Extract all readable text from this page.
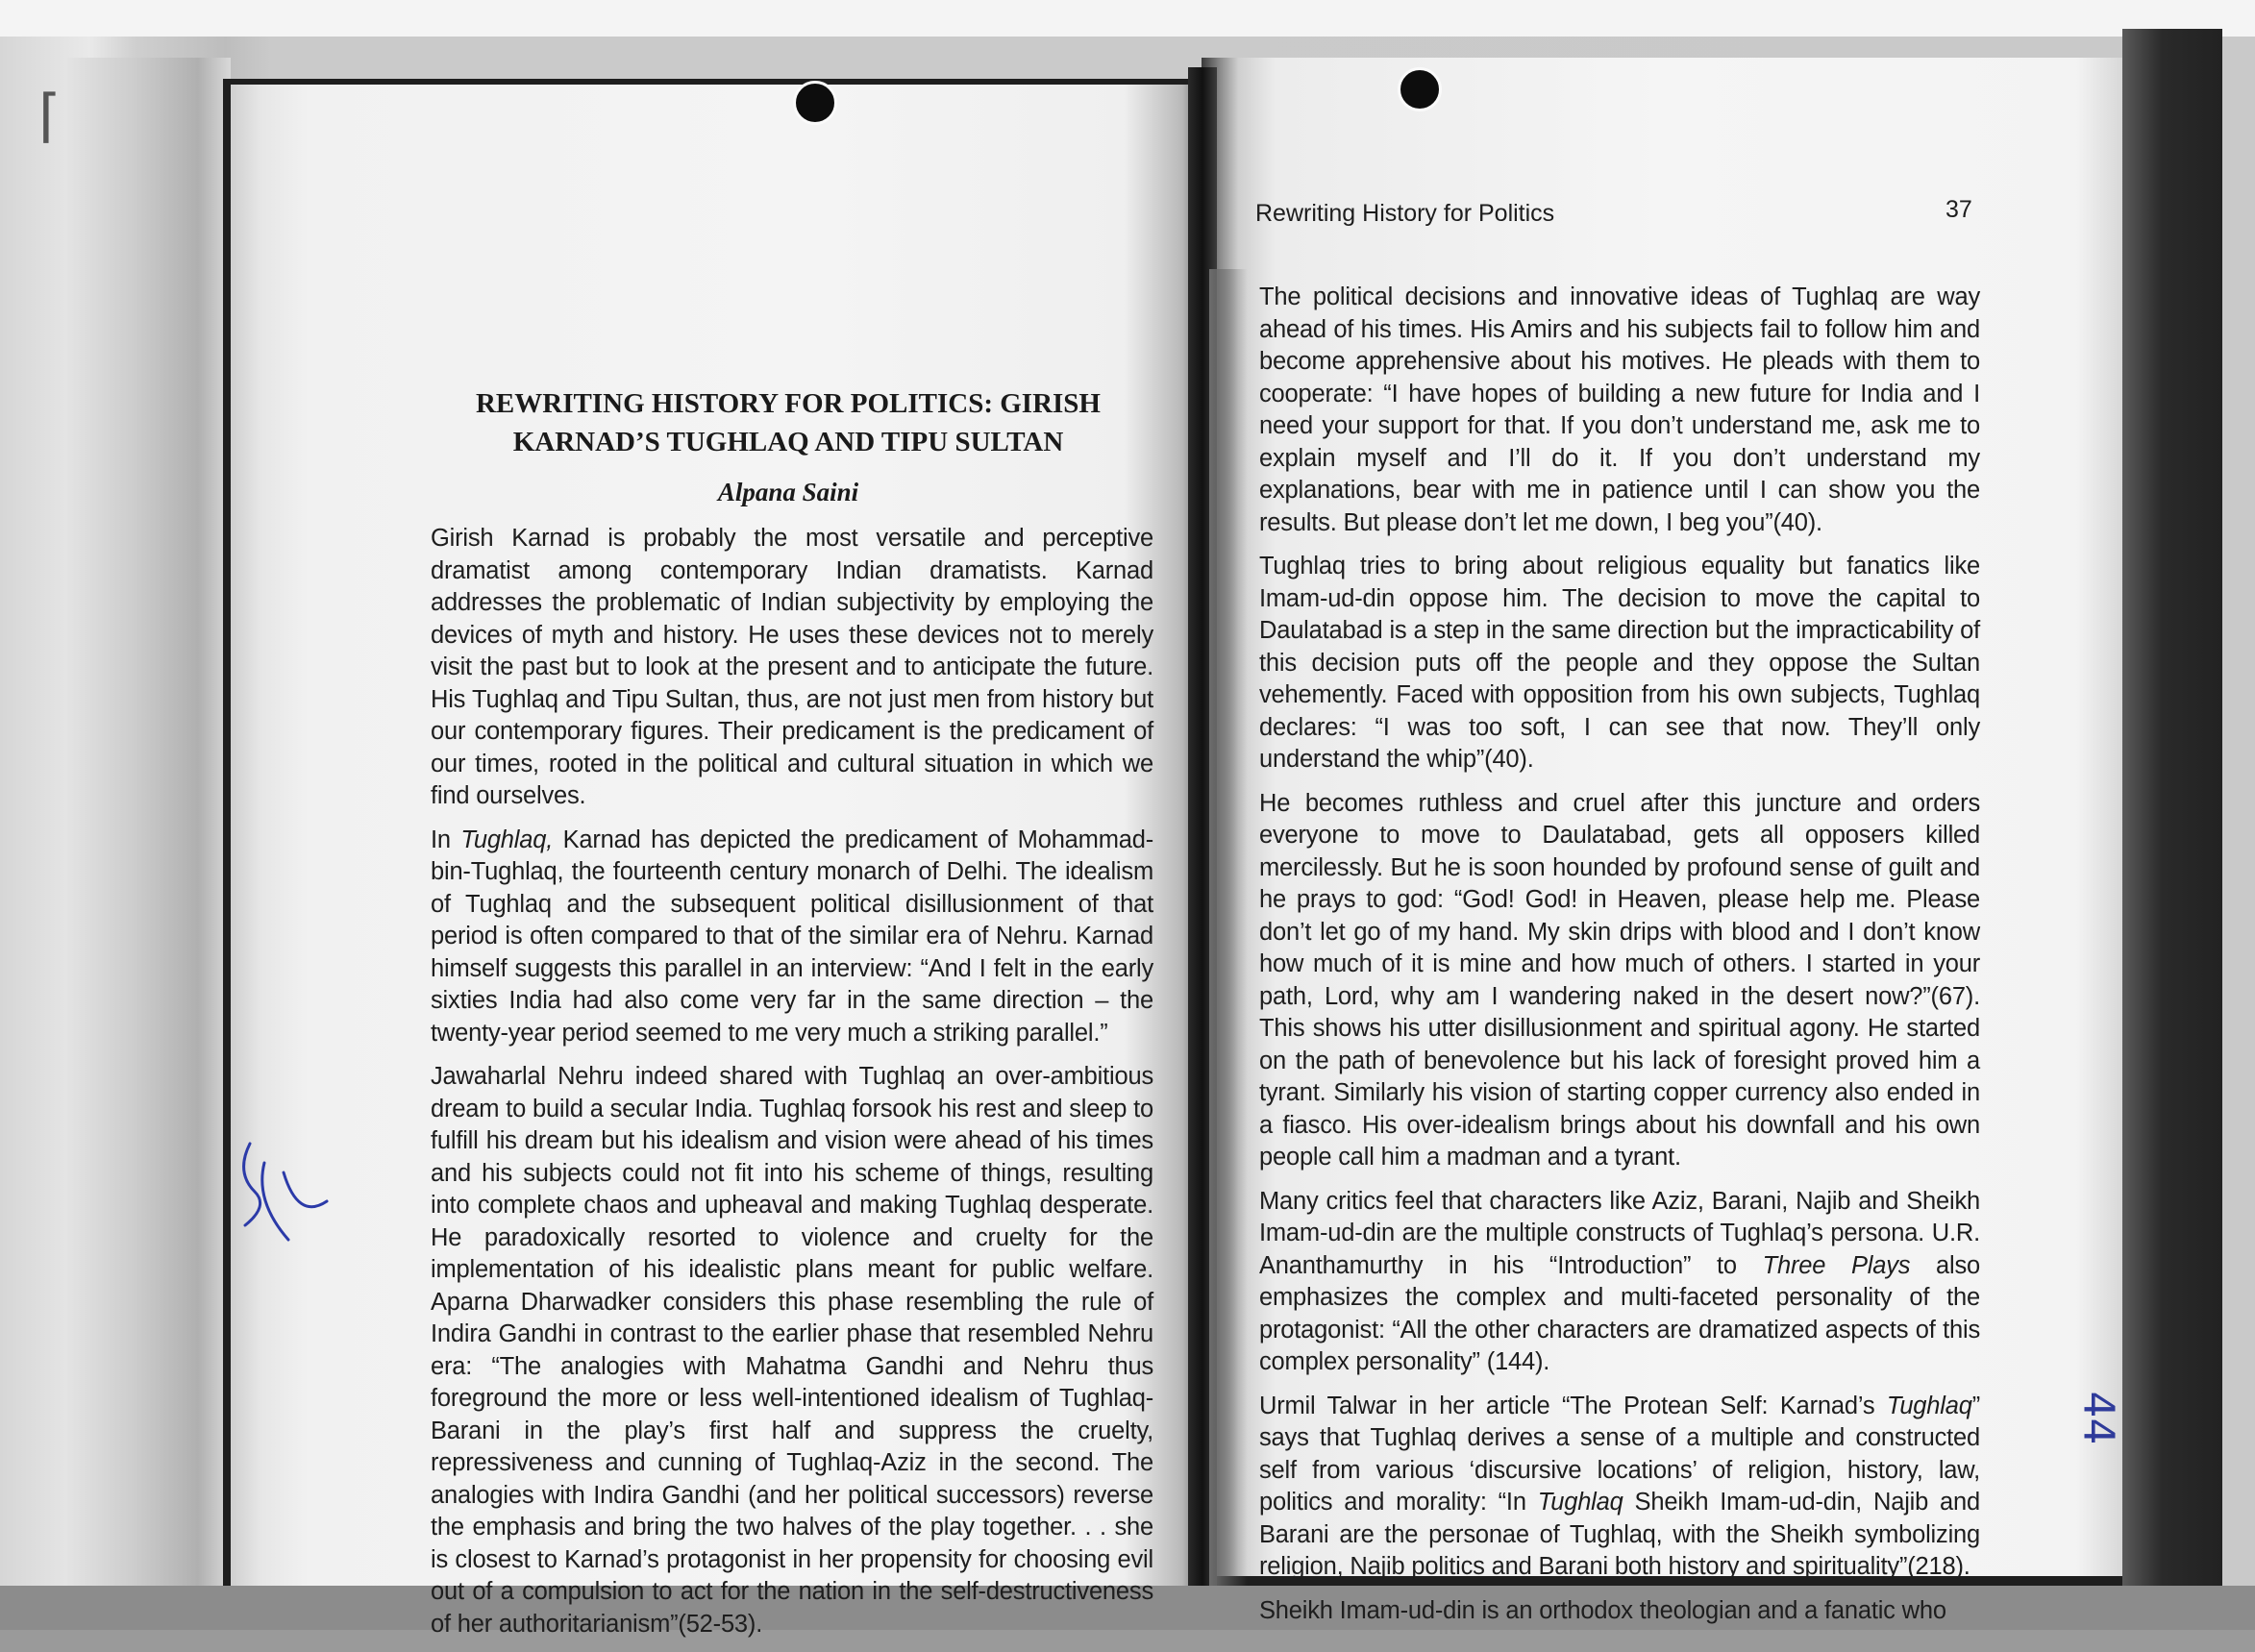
⌈
44
REWRITING HISTORY FOR POLITICS: GIRISH
KARNAD’S TUGHLAQ AND TIPU SULTAN
Alpana Saini

Girish Karnad is probably the most versatile and perceptive dramatist among contemporary Indian dramatists. Karnad addresses the problematic of Indian subjectivity by employing the devices of myth and history. He uses these devices not to merely visit the past but to look at the present and to anticipate the future. His Tughlaq and Tipu Sultan, thus, are not just men from history but our contemporary figures. Their predicament is the predicament of our times, rooted in the political and cultural situation in which we find ourselves.

In Tughlaq, Karnad has depicted the predicament of Mohammad-bin-Tughlaq, the fourteenth century monarch of Delhi. The idealism of Tughlaq and the subsequent political disillusionment of that period is often compared to that of the similar era of Nehru. Karnad himself suggests this parallel in an interview: “And I felt in the early sixties India had also come very far in the same direction – the twenty-year period seemed to me very much a striking parallel.”

Jawaharlal Nehru indeed shared with Tughlaq an over-ambitious dream to build a secular India. Tughlaq forsook his rest and sleep to fulfill his dream but his idealism and vision were ahead of his times and his subjects could not fit into his scheme of things, resulting into complete chaos and upheaval and making Tughlaq desperate. He paradoxically resorted to violence and cruelty for the implementation of his idealistic plans meant for public welfare. Aparna Dharwadker considers this phase resembling the rule of Indira Gandhi in contrast to the earlier phase that resembled Nehru era: “The analogies with Mahatma Gandhi and Nehru thus foreground the more or less well-intentioned idealism of Tughlaq-Barani in the play’s first half and suppress the cruelty, repressiveness and cunning of Tughlaq-Aziz in the second. The analogies with Indira Gandhi (and her political successors) reverse the emphasis and bring the two halves of the play together. . . she is closest to Karnad’s protagonist in her propensity for choosing evil out of a compulsion to act for the nation in the self-destructiveness of her authoritarianism”(52-53).

Rewriting History for Politics	37

The political decisions and innovative ideas of Tughlaq are way ahead of his times. His Amirs and his subjects fail to follow him and become apprehensive about his motives. He pleads with them to cooperate: “I have hopes of building a new future for India and I need your support for that. If you don’t understand me, ask me to explain myself and I’ll do it. If you don’t understand my explanations, bear with me in patience until I can show you the results. But please don’t let me down, I beg you”(40).

Tughlaq tries to bring about religious equality but fanatics like Imam-ud-din oppose him. The decision to move the capital to Daulatabad is a step in the same direction but the impracticability of this decision puts off the people and they oppose the Sultan vehemently. Faced with opposition from his own subjects, Tughlaq declares: “I was too soft, I can see that now. They’ll only understand the whip”(40).

He becomes ruthless and cruel after this juncture and orders everyone to move to Daulatabad, gets all opposers killed mercilessly. But he is soon hounded by profound sense of guilt and he prays to god: “God! God! in Heaven, please help me. Please don’t let go of my hand. My skin drips with blood and I don’t know how much of it is mine and how much of others. I started in your path, Lord, why am I wandering naked in the desert now?”(67). This shows his utter disillusionment and spiritual agony. He started on the path of benevolence but his lack of foresight proved him a tyrant. Similarly his vision of starting copper currency also ended in a fiasco. His over-idealism brings about his downfall and his own people call him a madman and a tyrant.

Many critics feel that characters like Aziz, Barani, Najib and Sheikh Imam-ud-din are the multiple constructs of Tughlaq’s persona. U.R. Ananthamurthy in his “Introduction” to Three Plays also emphasizes the complex and multi-faceted personality of the protagonist: “All the other characters are dramatized aspects of this complex personality” (144).

Urmil Talwar in her article “The Protean Self: Karnad’s Tughlaq” says that Tughlaq derives a sense of a multiple and constructed self from various ‘discursive locations’ of religion, history, law, politics and morality: “In Tughlaq Sheikh Imam-ud-din, Najib and Barani are the personae of Tughlaq, with the Sheikh symbolizing religion, Najib politics and Barani both history and spirituality”(218).

Sheikh Imam-ud-din is an orthodox theologian and a fanatic who
